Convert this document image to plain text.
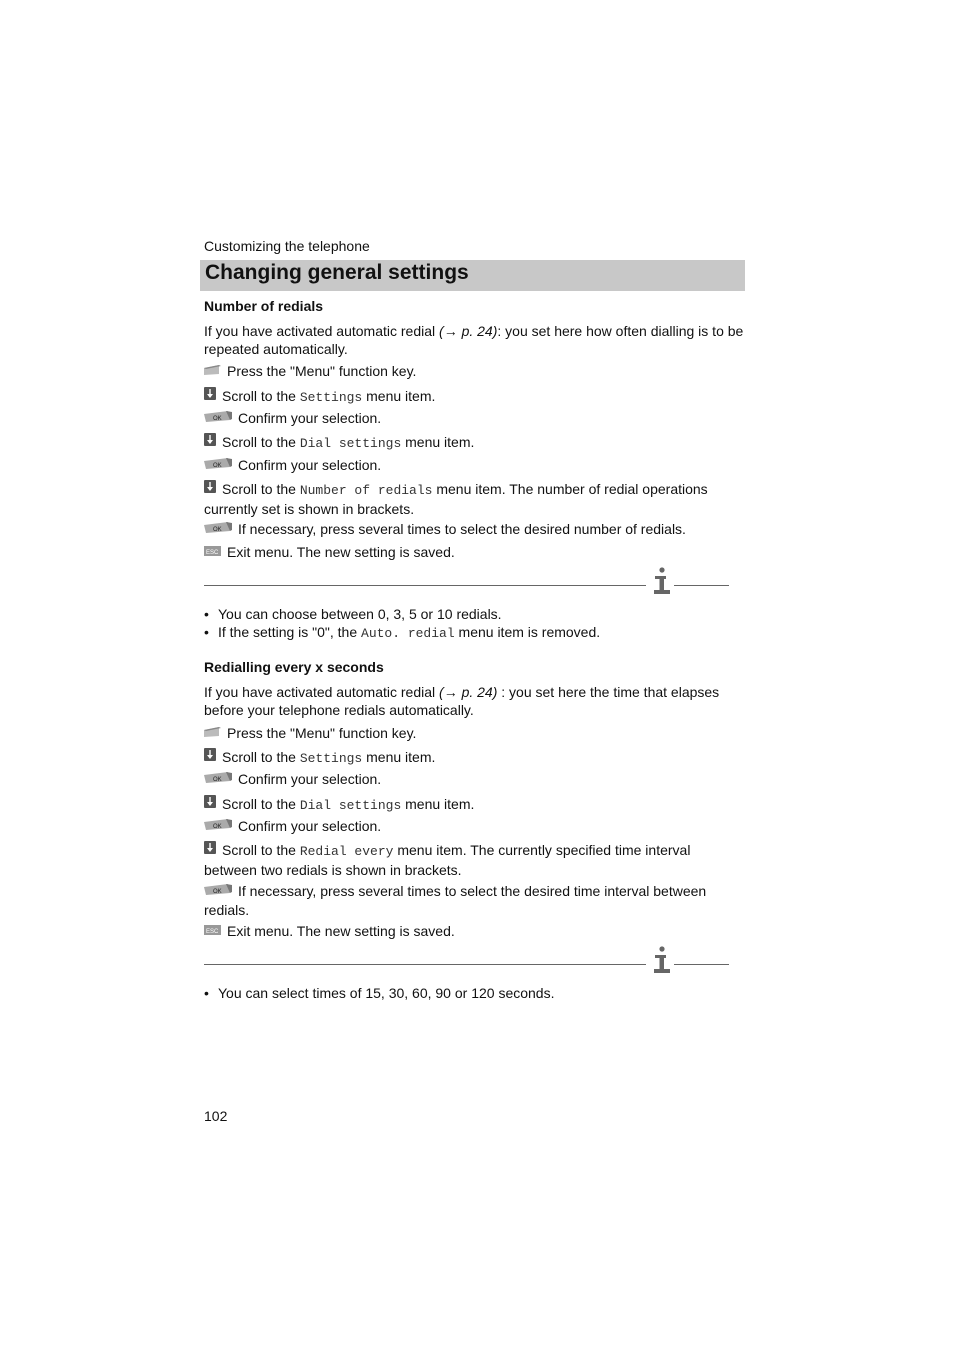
Customizing the telephone
Changing general settings
Number of redials
If you have activated automatic redial (→ p. 24): you set here how often dialling is to be repeated automatically.
Press the "Menu" function key.
Scroll to the Settings menu item.
OK Confirm your selection.
Scroll to the Dial settings menu item.
OK Confirm your selection.
Scroll to the Number of redials menu item. The number of redial operations currently set is shown in brackets.
OK If necessary, press several times to select the desired number of redials.
ESC Exit menu. The new setting is saved.
• You can choose between 0, 3, 5 or 10 redials.
• If the setting is "0", the Auto. redial menu item is removed.
Redialling every x seconds
If you have activated automatic redial (→ p. 24) : you set here the time that elapses before your telephone redials automatically.
Press the "Menu" function key.
Scroll to the Settings menu item.
OK Confirm your selection.
Scroll to the Dial settings menu item.
OK Confirm your selection.
Scroll to the Redial every menu item. The currently specified time interval between two redials is shown in brackets.
OK If necessary, press several times to select the desired time interval between redials.
ESC Exit menu. The new setting is saved.
• You can select times of 15, 30, 60, 90 or 120 seconds.
102
